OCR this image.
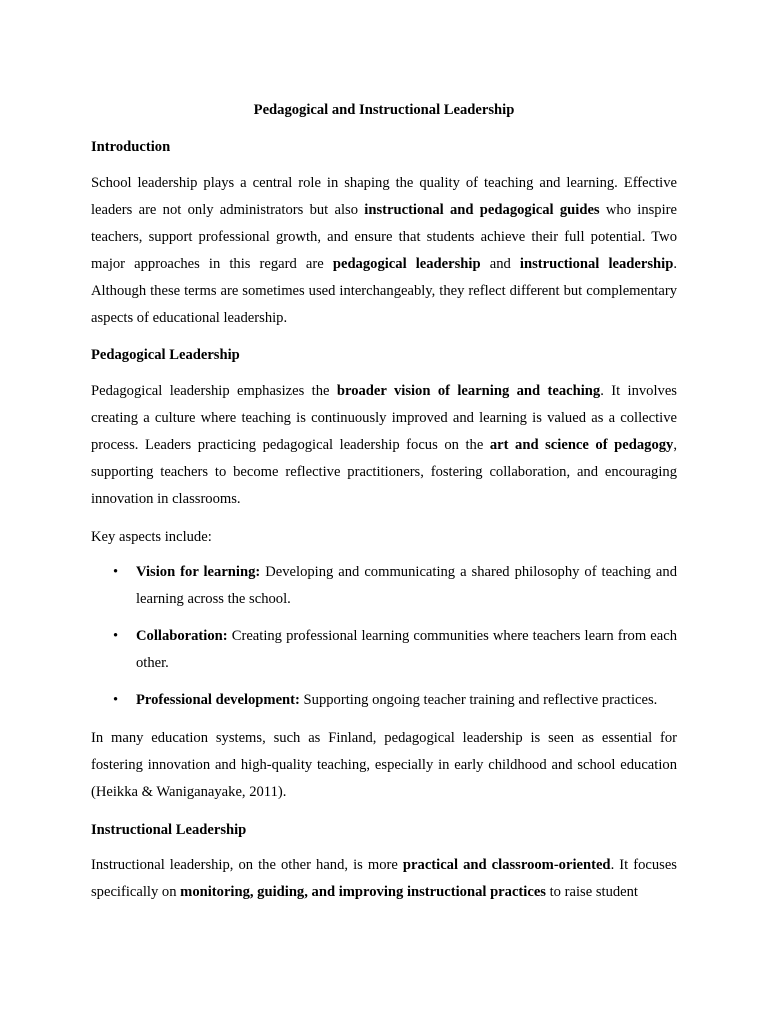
Pedagogical and Instructional Leadership

Introduction

School leadership plays a central role in shaping the quality of teaching and learning. Effective leaders are not only administrators but also instructional and pedagogical guides who inspire teachers, support professional growth, and ensure that students achieve their full potential. Two major approaches in this regard are pedagogical leadership and instructional leadership. Although these terms are sometimes used interchangeably, they reflect different but complementary aspects of educational leadership.

Pedagogical Leadership

Pedagogical leadership emphasizes the broader vision of learning and teaching. It involves creating a culture where teaching is continuously improved and learning is valued as a collective process. Leaders practicing pedagogical leadership focus on the art and science of pedagogy, supporting teachers to become reflective practitioners, fostering collaboration, and encouraging innovation in classrooms.

Key aspects include:

• Vision for learning: Developing and communicating a shared philosophy of teaching and learning across the school.

• Collaboration: Creating professional learning communities where teachers learn from each other.

• Professional development: Supporting ongoing teacher training and reflective practices.

In many education systems, such as Finland, pedagogical leadership is seen as essential for fostering innovation and high-quality teaching, especially in early childhood and school education (Heikka & Waniganayake, 2011).

Instructional Leadership

Instructional leadership, on the other hand, is more practical and classroom-oriented. It focuses specifically on monitoring, guiding, and improving instructional practices to raise student
